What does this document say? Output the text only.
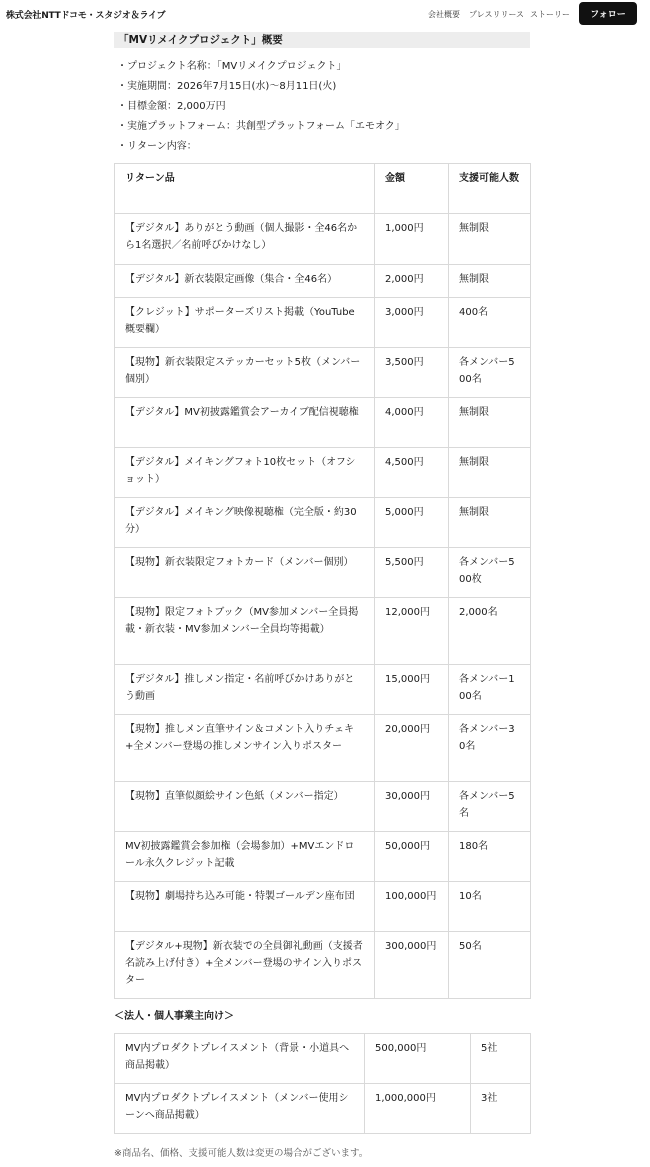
株式会社NTTドコモ・スタジオ＆ライブ	会社概要 プレスリリース ストーリー	フォロー
「MVリメイクプロジェクト」概要
・プロジェクト名称：「MVリメイクプロジェクト」
・実施期間：2026年7月15日(水)〜8月11日(火)
・目標金額：2,000万円
・実施プラットフォーム：共創型プラットフォーム「エモオク」
・リターン内容：
リターン品	金額	支援可能人数
【デジタル】ありがとう動画（個人撮影・全46名から1名選択／名前呼びかけなし）	1,000円	無制限
【デジタル】新衣装限定画像（集合・全46名）	2,000円	無制限
【クレジット】サポーターズリスト掲載（YouTube概要欄）	3,000円	400名
【現物】新衣装限定ステッカーセット5枚（メンバー個別）	3,500円	各メンバー500名
【デジタル】MV初披露鑑賞会アーカイブ配信視聴権	4,000円	無制限
【デジタル】メイキングフォト10枚セット（オフショット）	4,500円	無制限
【デジタル】メイキング映像視聴権（完全版・約30分）	5,000円	無制限
【現物】新衣装限定フォトカード（メンバー個別）	5,500円	各メンバー500枚
【現物】限定フォトブック（MV参加メンバー全員掲載・新衣装・MV参加メンバー全員均等掲載）	12,000円	2,000名
【デジタル】推しメン指定・名前呼びかけありがとう動画	15,000円	各メンバー100名
【現物】推しメン直筆サイン＆コメント入りチェキ+全メンバー登場の推しメンサイン入りポスター	20,000円	各メンバー30名
【現物】直筆似顔絵サイン色紙（メンバー指定）	30,000円	各メンバー5名
MV初披露鑑賞会参加権（会場参加）+MVエンドロール永久クレジット記載	50,000円	180名
【現物】劇場持ち込み可能・特製ゴールデン座布団	100,000円	10名
【デジタル+現物】新衣装での全員御礼動画（支援者名読み上げ付き）+全メンバー登場のサイン入りポスター	300,000円	50名
＜法人・個人事業主向け＞
MV内プロダクトプレイスメント（背景・小道具へ商品掲載）	500,000円	5社
MV内プロダクトプレイスメント（メンバー使用シーンへ商品掲載）	1,000,000円	3社
※商品名、価格、支援可能人数は変更の場合がございます。
